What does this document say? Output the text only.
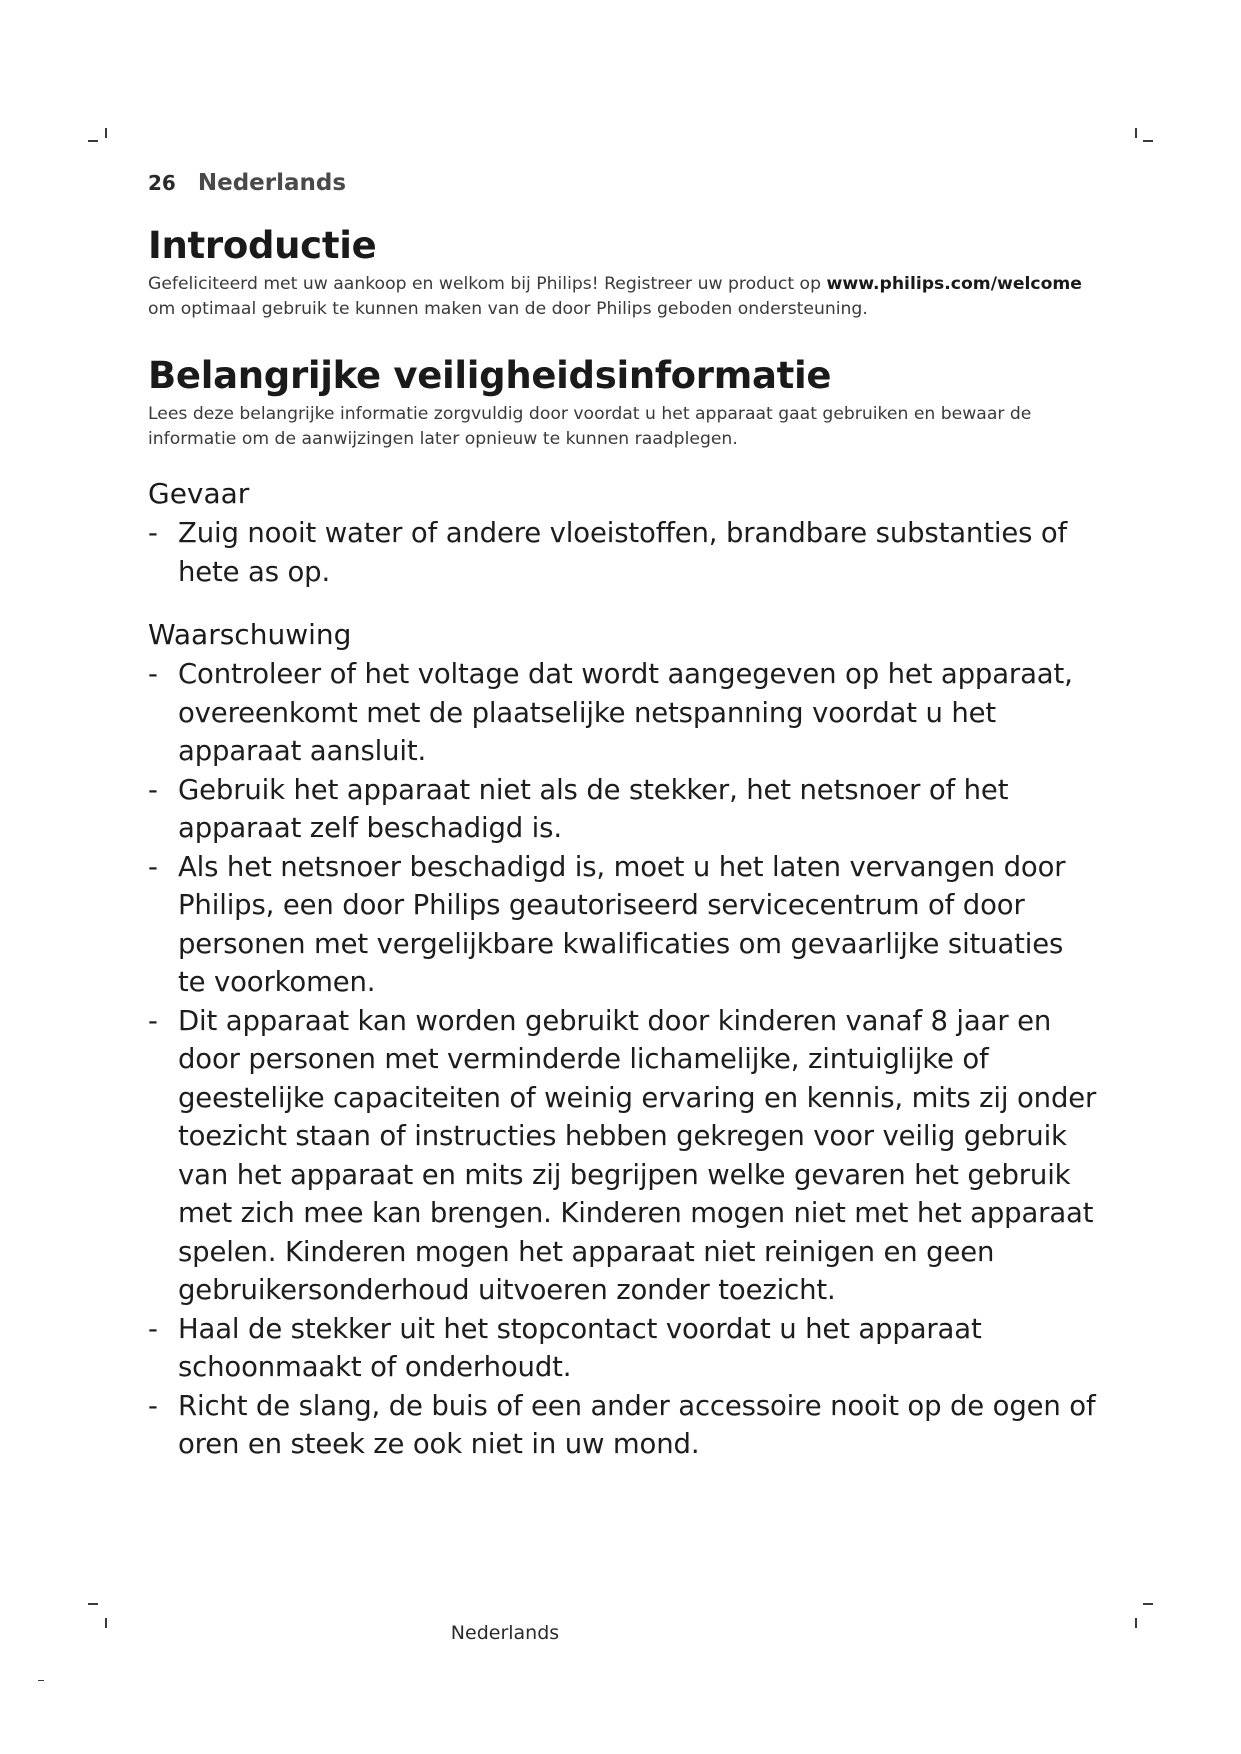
26 Nederlands
Introductie

Gefeliciteerd met uw aankoop en welkom bij Philips! Registreer uw product op www.philips.com/welcome om optimaal gebruik te kunnen maken van de door Philips geboden ondersteuning.

Belangrijke veiligheidsinformatie

Lees deze belangrijke informatie zorgvuldig door voordat u het apparaat gaat gebruiken en bewaar de informatie om de aanwijzingen later opnieuw te kunnen raadplegen.

Gevaar
- Zuig nooit water of andere vloeistoffen, brandbare substanties of hete as op.
Waarschuwing
- Controleer of het voltage dat wordt aangegeven op het apparaat, overeenkomt met de plaatselijke netspanning voordat u het apparaat aansluit.
- Gebruik het apparaat niet als de stekker, het netsnoer of het apparaat zelf beschadigd is.
- Als het netsnoer beschadigd is, moet u het laten vervangen door Philips, een door Philips geautoriseerd servicecentrum of door personen met vergelijkbare kwalificaties om gevaarlijke situaties te voorkomen.
- Dit apparaat kan worden gebruikt door kinderen vanaf 8 jaar en door personen met verminderde lichamelijke, zintuiglijke of geestelijke capaciteiten of weinig ervaring en kennis, mits zij onder toezicht staan of instructies hebben gekregen voor veilig gebruik van het apparaat en mits zij begrijpen welke gevaren het gebruik met zich mee kan brengen. Kinderen mogen niet met het apparaat spelen. Kinderen mogen het apparaat niet reinigen en geen gebruikersonderhoud uitvoeren zonder toezicht.
- Haal de stekker uit het stopcontact voordat u het apparaat schoonmaakt of onderhoudt.
- Richt de slang, de buis of een ander accessoire nooit op de ogen of oren en steek ze ook niet in uw mond.
Nederlands
